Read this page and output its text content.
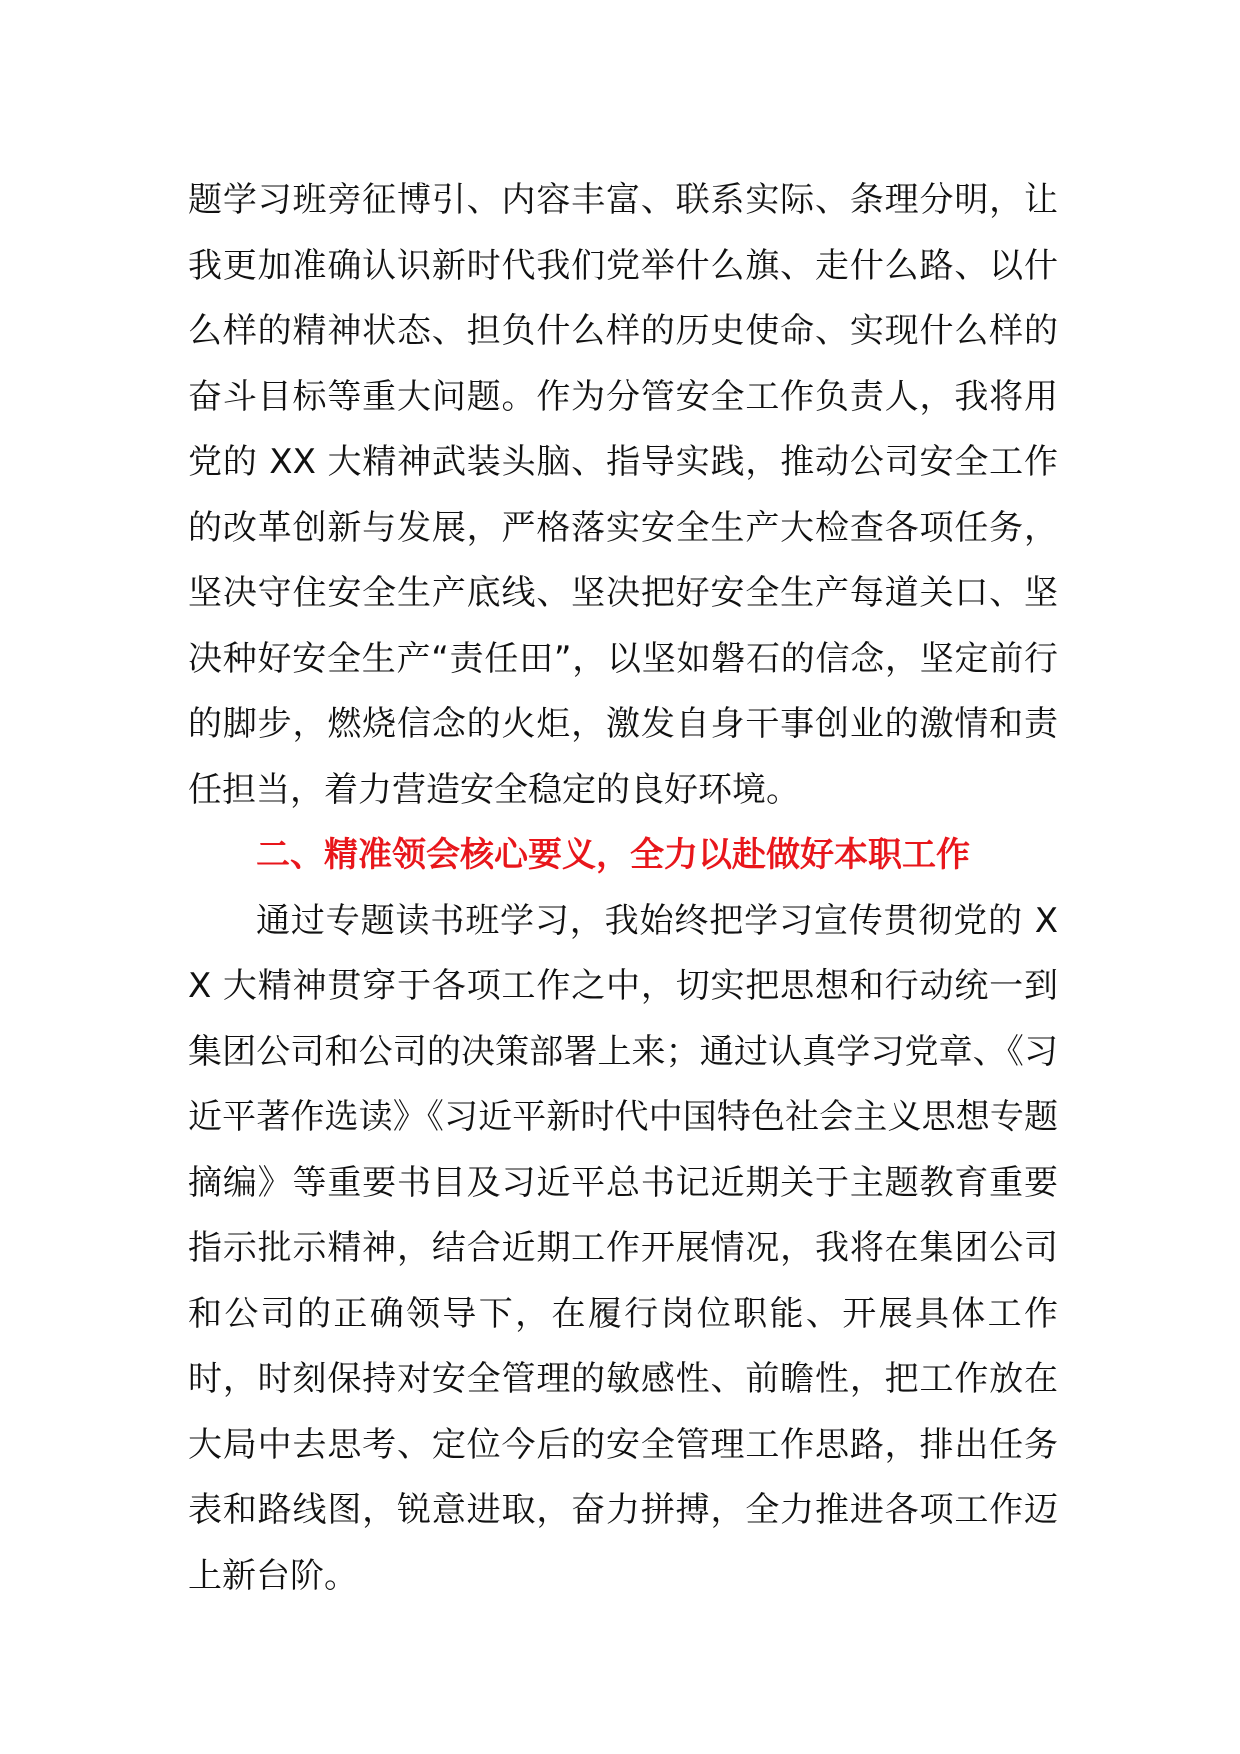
题学习班旁征博引、内容丰富、联系实际、条理分明，让我更加准确认识新时代我们党举什么旗、走什么路、以什么样的精神状态、担负什么样的历史使命、实现什么样的奋斗目标等重大问题。作为分管安全工作负责人，我将用党的 XX 大精神武装头脑、指导实践，推动公司安全工作的改革创新与发展，严格落实安全生产大检查各项任务，坚决守住安全生产底线、坚决把好安全生产每道关口、坚决种好安全生产“责任田”，以坚如磐石的信念，坚定前行的脚步，燃烧信念的火炬，激发自身干事创业的激情和责任担当，着力营造安全稳定的良好环境。

二、精准领会核心要义，全力以赴做好本职工作

通过专题读书班学习，我始终把学习宣传贯彻党的 XX 大精神贯穿于各项工作之中，切实把思想和行动统一到集团公司和公司的决策部署上来；通过认真学习党章、《习近平著作选读》《习近平新时代中国特色社会主义思想专题摘编》等重要书目及习近平总书记近期关于主题教育重要指示批示精神，结合近期工作开展情况，我将在集团公司和公司的正确领导下，在履行岗位职能、开展具体工作时，时刻保持对安全管理的敏感性、前瞻性，把工作放在大局中去思考、定位今后的安全管理工作思路，排出任务表和路线图，锐意进取，奋力拼搏，全力推进各项工作迈上新台阶。
